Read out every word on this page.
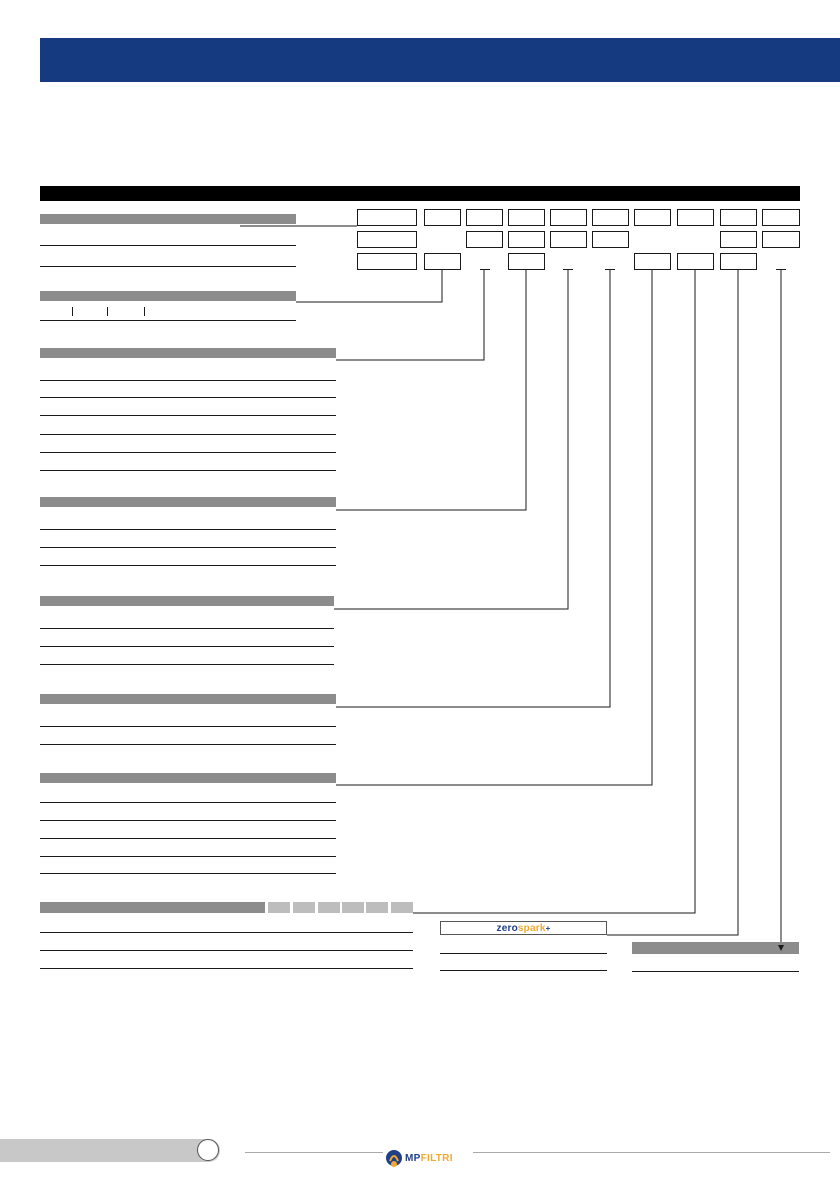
zero spark +
MPFILTRI
